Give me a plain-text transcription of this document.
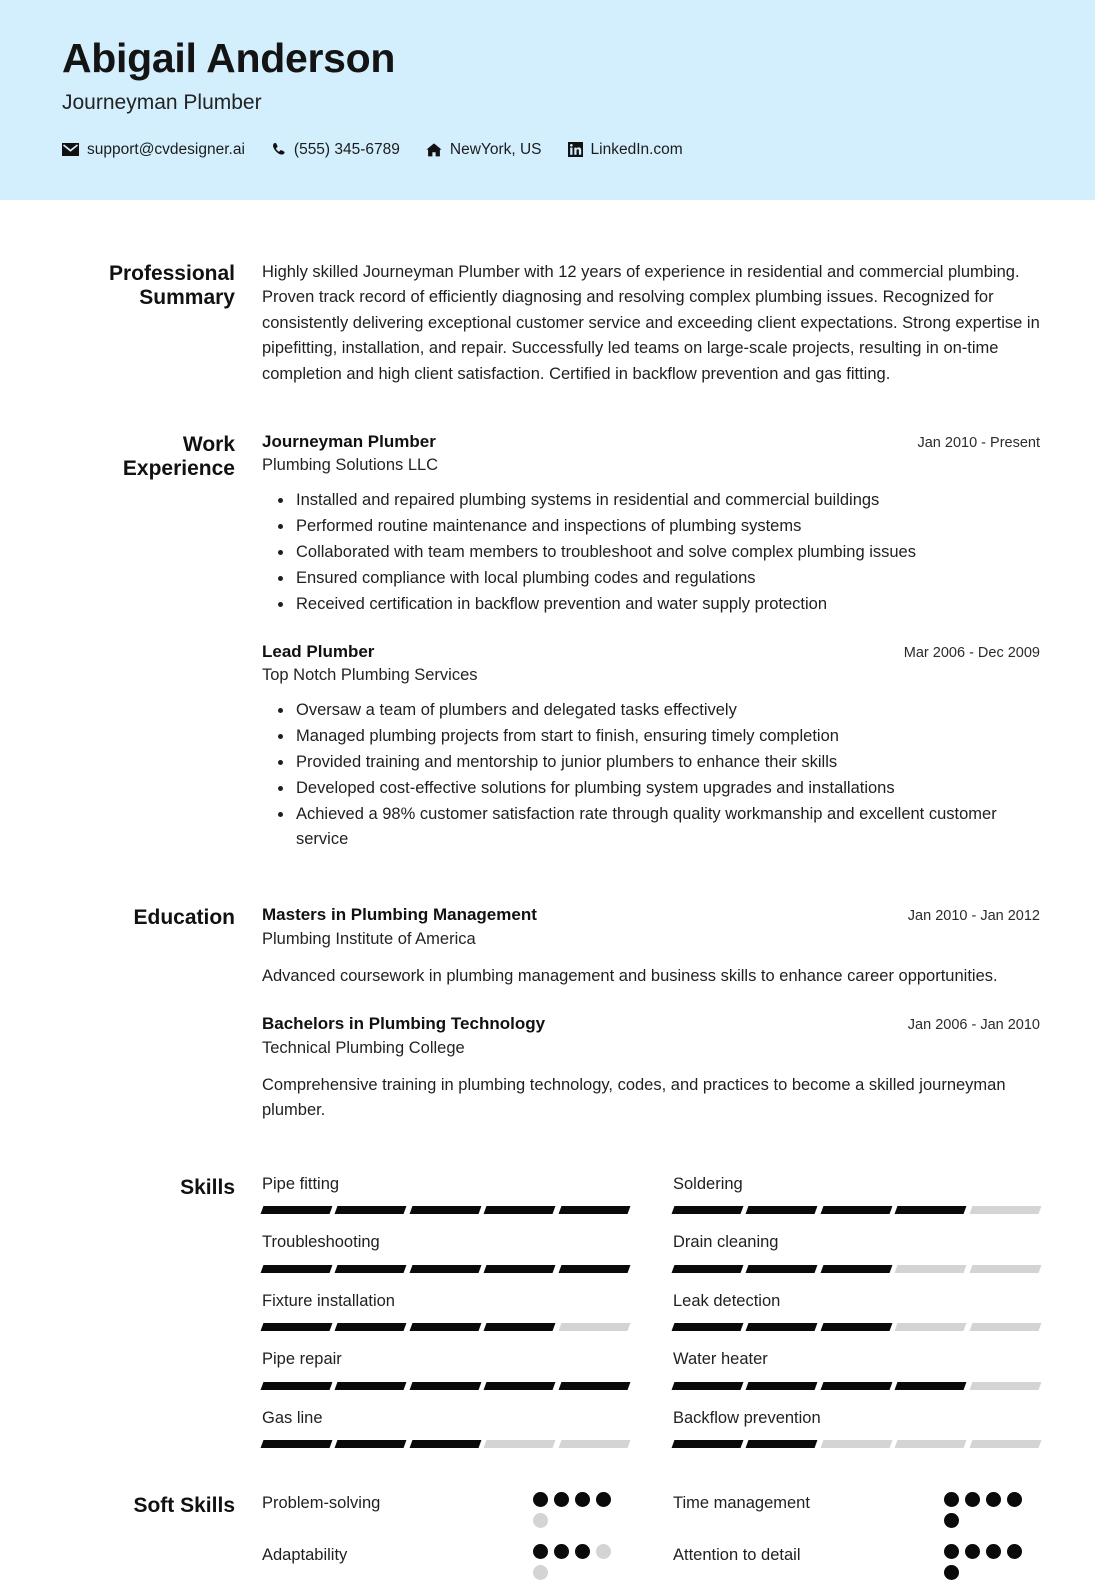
Abigail Anderson
Journeyman Plumber
support@cvdesigner.ai	(555) 345-6789	NewYork, US	LinkedIn.com
Professional
Summary

Highly skilled Journeyman Plumber with 12 years of experience in residential and commercial plumbing. Proven track record of efficiently diagnosing and resolving complex plumbing issues. Recognized for consistently delivering exceptional customer service and exceeding client expectations. Strong expertise in pipefitting, installation, and repair. Successfully led teams on large-scale projects, resulting in on-time completion and high client satisfaction. Certified in backflow prevention and gas fitting.

Work
Experience
Journeyman Plumber	Jan 2010 - Present
Plumbing Solutions LLC
Installed and repaired plumbing systems in residential and commercial buildings
Performed routine maintenance and inspections of plumbing systems
Collaborated with team members to troubleshoot and solve complex plumbing issues
Ensured compliance with local plumbing codes and regulations
Received certification in backflow prevention and water supply protection
Lead Plumber	Mar 2006 - Dec 2009
Top Notch Plumbing Services
Oversaw a team of plumbers and delegated tasks effectively
Managed plumbing projects from start to finish, ensuring timely completion
Provided training and mentorship to junior plumbers to enhance their skills
Developed cost-effective solutions for plumbing system upgrades and installations
Achieved a 98% customer satisfaction rate through quality workmanship and excellent customer service
Education Masters in Plumbing Management	Jan 2010 - Jan 2012
Plumbing Institute of America
Advanced coursework in plumbing management and business skills to enhance career opportunities.
Bachelors in Plumbing Technology	Jan 2006 - Jan 2010
Technical Plumbing College
Comprehensive training in plumbing technology, codes, and practices to become a skilled journeyman plumber.
Skills Pipe fitting	Soldering
Troubleshooting	Drain cleaning
Fixture installation	Leak detection
Pipe repair	Water heater
Gas line	Backflow prevention
Soft Skills Problem-solving	Time management
Adaptability	Attention to detail
